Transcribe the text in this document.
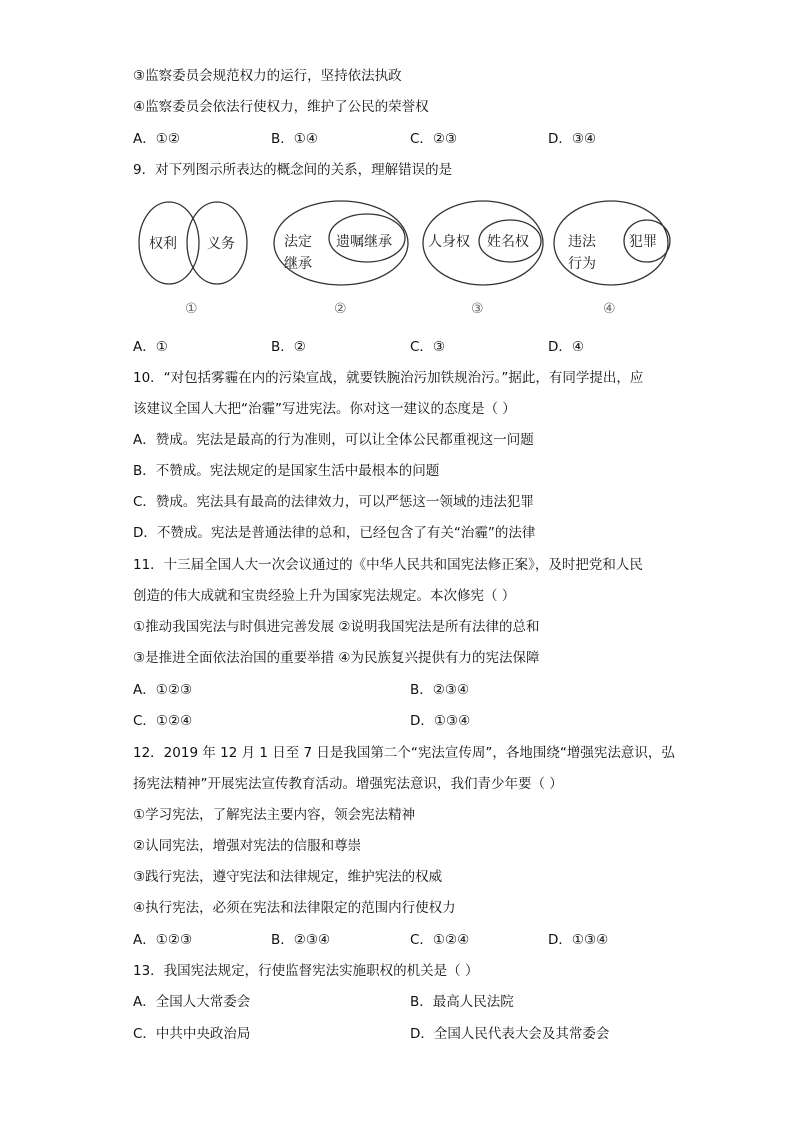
③监察委员会规范权力的运行，坚持依法执政
④监察委员会依法行使权力，维护了公民的荣誉权
A．①②	B．①④	C．②③	D．③④
9．对下列图示所表达的概念间的关系，理解错误的是
权利 义务	法定
继承
遗嘱继承	人身权 姓名权	违法
行为
犯罪
①	②	③	④
A．①	B．②	C．③	D．④
10．“对包括雾霾在内的污染宣战，就要铁腕治污加铁规治污。”据此，有同学提出，应
该建议全国人大把“治霾”写进宪法。你对这一建议的态度是（ ）
A．赞成。宪法是最高的行为准则，可以让全体公民都重视这一问题
B．不赞成。宪法规定的是国家生活中最根本的问题
C．赞成。宪法具有最高的法律效力，可以严惩这一领域的违法犯罪
D．不赞成。宪法是普通法律的总和，已经包含了有关“治霾”的法律
11．十三届全国人大一次会议通过的《中华人民共和国宪法修正案》，及时把党和人民
创造的伟大成就和宝贵经验上升为国家宪法规定。本次修宪（ ）
①推动我国宪法与时俱进完善发展 ②说明我国宪法是所有法律的总和
③是推进全面依法治国的重要举措 ④为民族复兴提供有力的宪法保障
A．①②③	B．②③④
C．①②④	D．①③④
12．2019 年 12 月 1 日至 7 日是我国第二个“宪法宣传周”，各地围绕“增强宪法意识，弘
扬宪法精神”开展宪法宣传教育活动。增强宪法意识，我们青少年要（ ）
①学习宪法，了解宪法主要内容，领会宪法精神
②认同宪法，增强对宪法的信服和尊崇
③践行宪法，遵守宪法和法律规定，维护宪法的权威
④执行宪法，必须在宪法和法律限定的范围内行使权力
A．①②③	B．②③④	C．①②④	D．①③④
13．我国宪法规定，行使监督宪法实施职权的机关是（ ）
A．全国人大常委会	B．最高人民法院
C．中共中央政治局	D．全国人民代表大会及其常委会
